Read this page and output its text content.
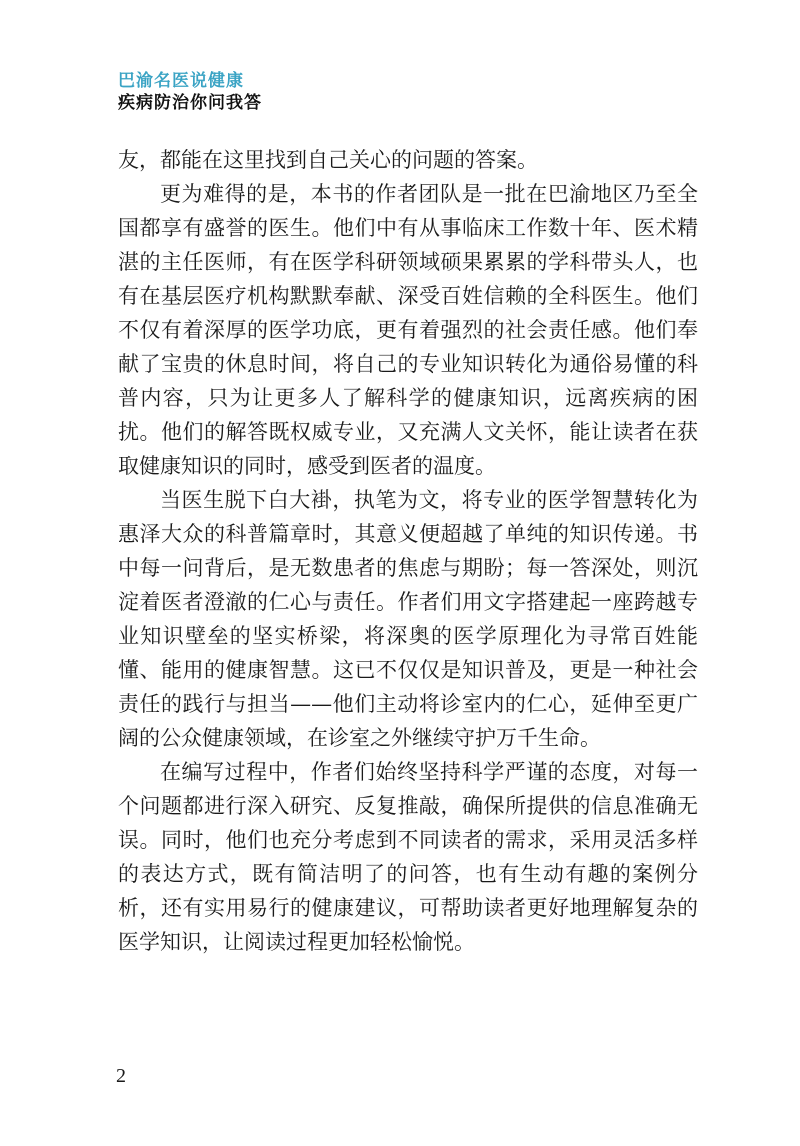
巴渝名医说健康
疾病防治你问我答

友，都能在这里找到自己关心的问题的答案。

更为难得的是，本书的作者团队是一批在巴渝地区乃至全国都享有盛誉的医生。他们中有从事临床工作数十年、医术精湛的主任医师，有在医学科研领域硕果累累的学科带头人，也有在基层医疗机构默默奉献、深受百姓信赖的全科医生。他们不仅有着深厚的医学功底，更有着强烈的社会责任感。他们奉献了宝贵的休息时间，将自己的专业知识转化为通俗易懂的科普内容，只为让更多人了解科学的健康知识，远离疾病的困扰。他们的解答既权威专业，又充满人文关怀，能让读者在获取健康知识的同时，感受到医者的温度。

当医生脱下白大褂，执笔为文，将专业的医学智慧转化为惠泽大众的科普篇章时，其意义便超越了单纯的知识传递。书中每一问背后，是无数患者的焦虑与期盼；每一答深处，则沉淀着医者澄澈的仁心与责任。作者们用文字搭建起一座跨越专业知识壁垒的坚实桥梁，将深奥的医学原理化为寻常百姓能懂、能用的健康智慧。这已不仅仅是知识普及，更是一种社会责任的践行与担当——他们主动将诊室内的仁心，延伸至更广阔的公众健康领域，在诊室之外继续守护万千生命。

在编写过程中，作者们始终坚持科学严谨的态度，对每一个问题都进行深入研究、反复推敲，确保所提供的信息准确无误。同时，他们也充分考虑到不同读者的需求，采用灵活多样的表达方式，既有简洁明了的问答，也有生动有趣的案例分析，还有实用易行的健康建议，可帮助读者更好地理解复杂的医学知识，让阅读过程更加轻松愉悦。

2
